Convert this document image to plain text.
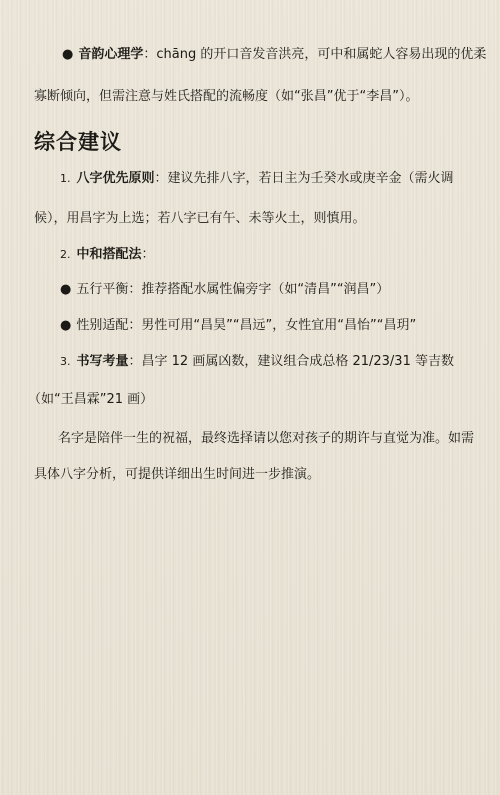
● 音韵心理学：chāng 的开口音发音洪亮，可中和属蛇人容易出现的优柔
寡断倾向，但需注意与姓氏搭配的流畅度（如“张昌”优于“李昌”）。
综合建议
1. 八字优先原则：建议先排八字，若日主为壬癸水或庚辛金（需火调
候），用昌字为上选；若八字已有午、未等火土，则慎用。
2. 中和搭配法：
● 五行平衡：推荐搭配水属性偏旁字（如“清昌”“润昌”）
● 性别适配：男性可用“昌昊”“昌远”，女性宜用“昌怡”“昌玥”
3. 书写考量：昌字 12 画属凶数，建议组合成总格 21/23/31 等吉数
（如“王昌霖”21 画）
名字是陪伴一生的祝福，最终选择请以您对孩子的期许与直觉为准。如需
具体八字分析，可提供详细出生时间进一步推演。
